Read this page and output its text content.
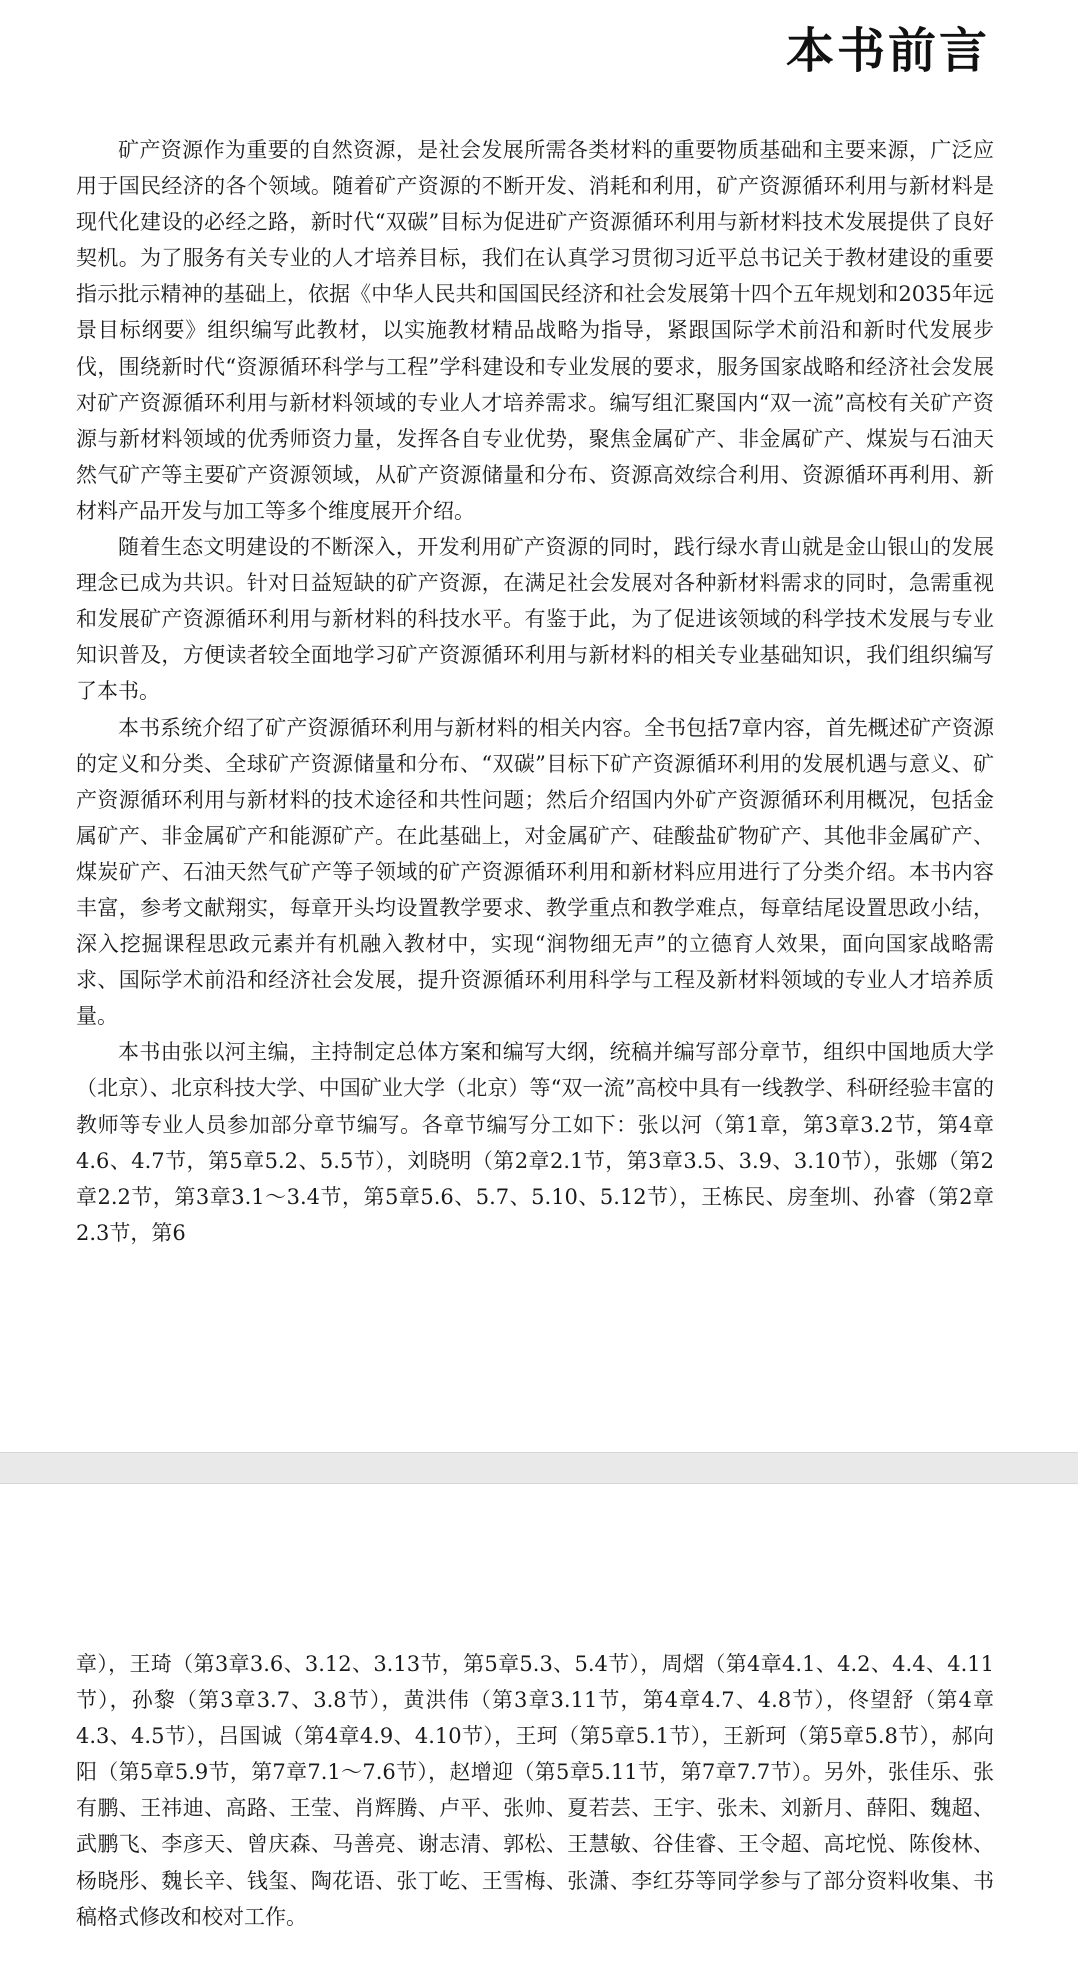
本书前言

矿产资源作为重要的自然资源，是社会发展所需各类材料的重要物质基础和主要来源，广泛应用于国民经济的各个领域。随着矿产资源的不断开发、消耗和利用，矿产资源循环利用与新材料是现代化建设的必经之路，新时代“双碳”目标为促进矿产资源循环利用与新材料技术发展提供了良好契机。为了服务有关专业的人才培养目标，我们在认真学习贯彻习近平总书记关于教材建设的重要指示批示精神的基础上，依据《中华人民共和国国民经济和社会发展第十四个五年规划和2035年远景目标纲要》组织编写此教材，以实施教材精品战略为指导，紧跟国际学术前沿和新时代发展步伐，围绕新时代“资源循环科学与工程”学科建设和专业发展的要求，服务国家战略和经济社会发展对矿产资源循环利用与新材料领域的专业人才培养需求。编写组汇聚国内“双一流”高校有关矿产资源与新材料领域的优秀师资力量，发挥各自专业优势，聚焦金属矿产、非金属矿产、煤炭与石油天然气矿产等主要矿产资源领域，从矿产资源储量和分布、资源高效综合利用、资源循环再利用、新材料产品开发与加工等多个维度展开介绍。

随着生态文明建设的不断深入，开发利用矿产资源的同时，践行绿水青山就是金山银山的发展理念已成为共识。针对日益短缺的矿产资源，在满足社会发展对各种新材料需求的同时，急需重视和发展矿产资源循环利用与新材料的科技水平。有鉴于此，为了促进该领域的科学技术发展与专业知识普及，方便读者较全面地学习矿产资源循环利用与新材料的相关专业基础知识，我们组织编写了本书。

本书系统介绍了矿产资源循环利用与新材料的相关内容。全书包括7章内容，首先概述矿产资源的定义和分类、全球矿产资源储量和分布、“双碳”目标下矿产资源循环利用的发展机遇与意义、矿产资源循环利用与新材料的技术途径和共性问题；然后介绍国内外矿产资源循环利用概况，包括金属矿产、非金属矿产和能源矿产。在此基础上，对金属矿产、硅酸盐矿物矿产、其他非金属矿产、煤炭矿产、石油天然气矿产等子领域的矿产资源循环利用和新材料应用进行了分类介绍。本书内容丰富，参考文献翔实，每章开头均设置教学要求、教学重点和教学难点，每章结尾设置思政小结，深入挖掘课程思政元素并有机融入教材中，实现“润物细无声”的立德育人效果，面向国家战略需求、国际学术前沿和经济社会发展，提升资源循环利用科学与工程及新材料领域的专业人才培养质量。

本书由张以河主编，主持制定总体方案和编写大纲，统稿并编写部分章节，组织中国地质大学（北京）、北京科技大学、中国矿业大学（北京）等“双一流”高校中具有一线教学、科研经验丰富的教师等专业人员参加部分章节编写。各章节编写分工如下：张以河（第1章，第3章3.2节，第4章4.6、4.7节，第5章5.2、5.5节），刘晓明（第2章2.1节，第3章3.5、3.9、3.10节），张娜（第2章2.2节，第3章3.1～3.4节，第5章5.6、5.7、5.10、5.12节），王栋民、房奎圳、孙睿（第2章2.3节，第6

章），王琦（第3章3.6、3.12、3.13节，第5章5.3、5.4节），周熠（第4章4.1、4.2、4.4、4.11节），孙黎（第3章3.7、3.8节），黄洪伟（第3章3.11节，第4章4.7、4.8节），佟望舒（第4章4.3、4.5节），吕国诚（第4章4.9、4.10节），王珂（第5章5.1节），王新珂（第5章5.8节），郝向阳（第5章5.9节，第7章7.1～7.6节），赵增迎（第5章5.11节，第7章7.7节）。另外，张佳乐、张有鹏、王祎迪、高路、王莹、肖辉腾、卢平、张帅、夏若芸、王宇、张未、刘新月、薛阳、魏超、武鹏飞、李彦天、曾庆森、马善亮、谢志清、郭松、王慧敏、谷佳睿、王令超、高坨悦、陈俊林、杨晓彤、魏长辛、钱玺、陶花语、张丁屹、王雪梅、张潇、李红芬等同学参与了部分资料收集、书稿格式修改和校对工作。
